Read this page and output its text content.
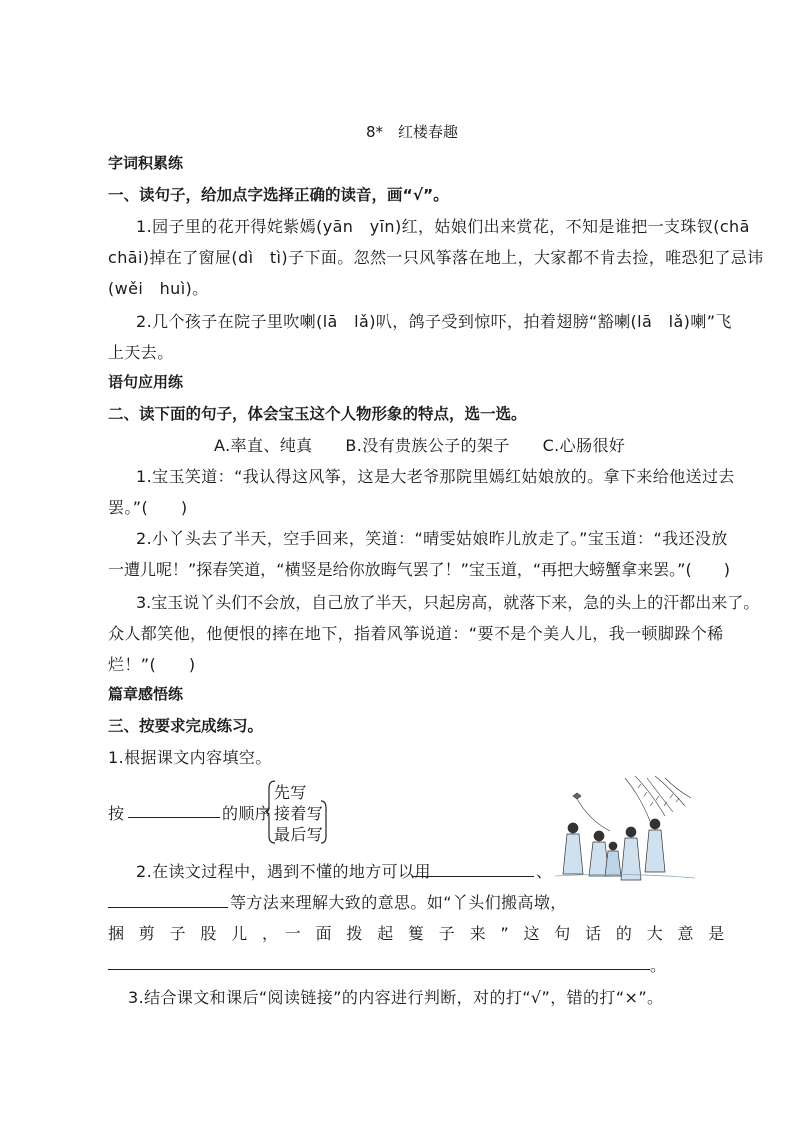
8*　红楼春趣
字词积累练
一、读句子，给加点字选择正确的读音，画“√”。
1.园子里的花开得姹紫嫣(yān　yīn)红，姑娘们出来赏花，不知是谁把一支珠钗(chā
chāi)掉在了窗屉(dì　tì)子下面。忽然一只风筝落在地上，大家都不肯去捡，唯恐犯了忌讳
(wěi　huì)。
2.几个孩子在院子里吹喇(lā　lǎ)叭，鸽子受到惊吓，拍着翅膀“豁喇(lā　lǎ)喇”飞
上天去。
语句应用练
二、读下面的句子，体会宝玉这个人物形象的特点，选一选。
A.率直、纯真　　B.没有贵族公子的架子　　C.心肠很好
1.宝玉笑道：“我认得这风筝，这是大老爷那院里嫣红姑娘放的。拿下来给他送过去
罢。”(　　)
2.小丫头去了半天，空手回来，笑道：“晴雯姑娘昨儿放走了。”宝玉道：“我还没放
一遭儿呢！”探春笑道，“横竖是给你放晦气罢了！”宝玉道，“再把大螃蟹拿来罢。”(　　)
3.宝玉说丫头们不会放，自己放了半天，只起房高，就落下来，急的头上的汗都出来了。
众人都笑他，他便恨的摔在地下，指着风筝说道：“要不是个美人儿，我一顿脚跺个稀
烂！”(　　)
篇章感悟练
三、按要求完成练习。
1.根据课文内容填空。
按	的顺序
先写
接着写
最后写
2.在读文过程中，遇到不懂的地方可以用	、
等方法来理解大致的意思。如“丫头们搬高墩，
捆　剪　子　股　儿　，　一　面　拨　起　篗　子　来　”　这　句　话　的　大　意　是
。
3.结合课文和课后“阅读链接”的内容进行判断，对的打“√”，错的打“×”。
